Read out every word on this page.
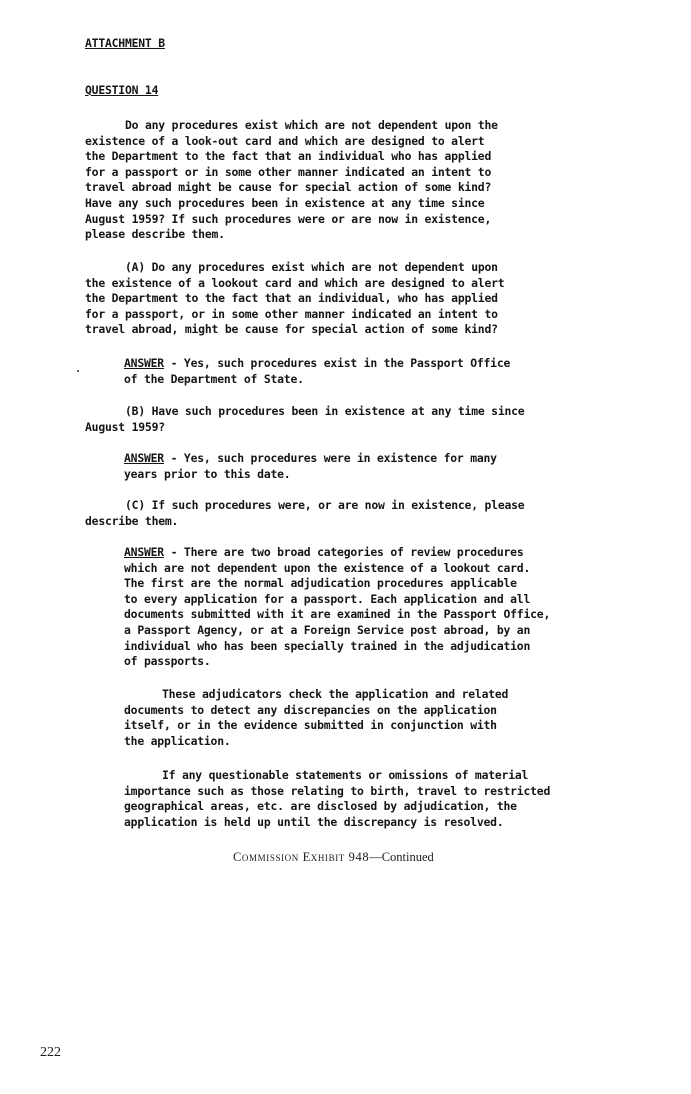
ATTACHMENT B
QUESTION 14
Do any procedures exist which are not dependent upon the
existence of a look-out card and which are designed to alert
the Department to the fact that an individual who has applied
for a passport or in some other manner indicated an intent to
travel abroad might be cause for special action of some kind?
Have any such procedures been in existence at any time since
August 1959? If such procedures were or are now in existence,
please describe them.
(A) Do any procedures exist which are not dependent upon
the existence of a lookout card and which are designed to alert
the Department to the fact that an individual, who has applied
for a passport, or in some other manner indicated an intent to
travel abroad, might be cause for special action of some kind?
ANSWER - Yes, such procedures exist in the Passport Office
of the Department of State.
(B) Have such procedures been in existence at any time since
August 1959?
ANSWER - Yes, such procedures were in existence for many
years prior to this date.
(C) If such procedures were, or are now in existence, please
describe them.
ANSWER - There are two broad categories of review procedures
which are not dependent upon the existence of a lookout card.
The first are the normal adjudication procedures applicable
to every application for a passport. Each application and all
documents submitted with it are examined in the Passport Office,
a Passport Agency, or at a Foreign Service post abroad, by an
individual who has been specially trained in the adjudication
of passports.
These adjudicators check the application and related
documents to detect any discrepancies on the application
itself, or in the evidence submitted in conjunction with
the application.
If any questionable statements or omissions of material
importance such as those relating to birth, travel to restricted
geographical areas, etc. are disclosed by adjudication, the
application is held up until the discrepancy is resolved.
Commission Exhibit 948—Continued
222
